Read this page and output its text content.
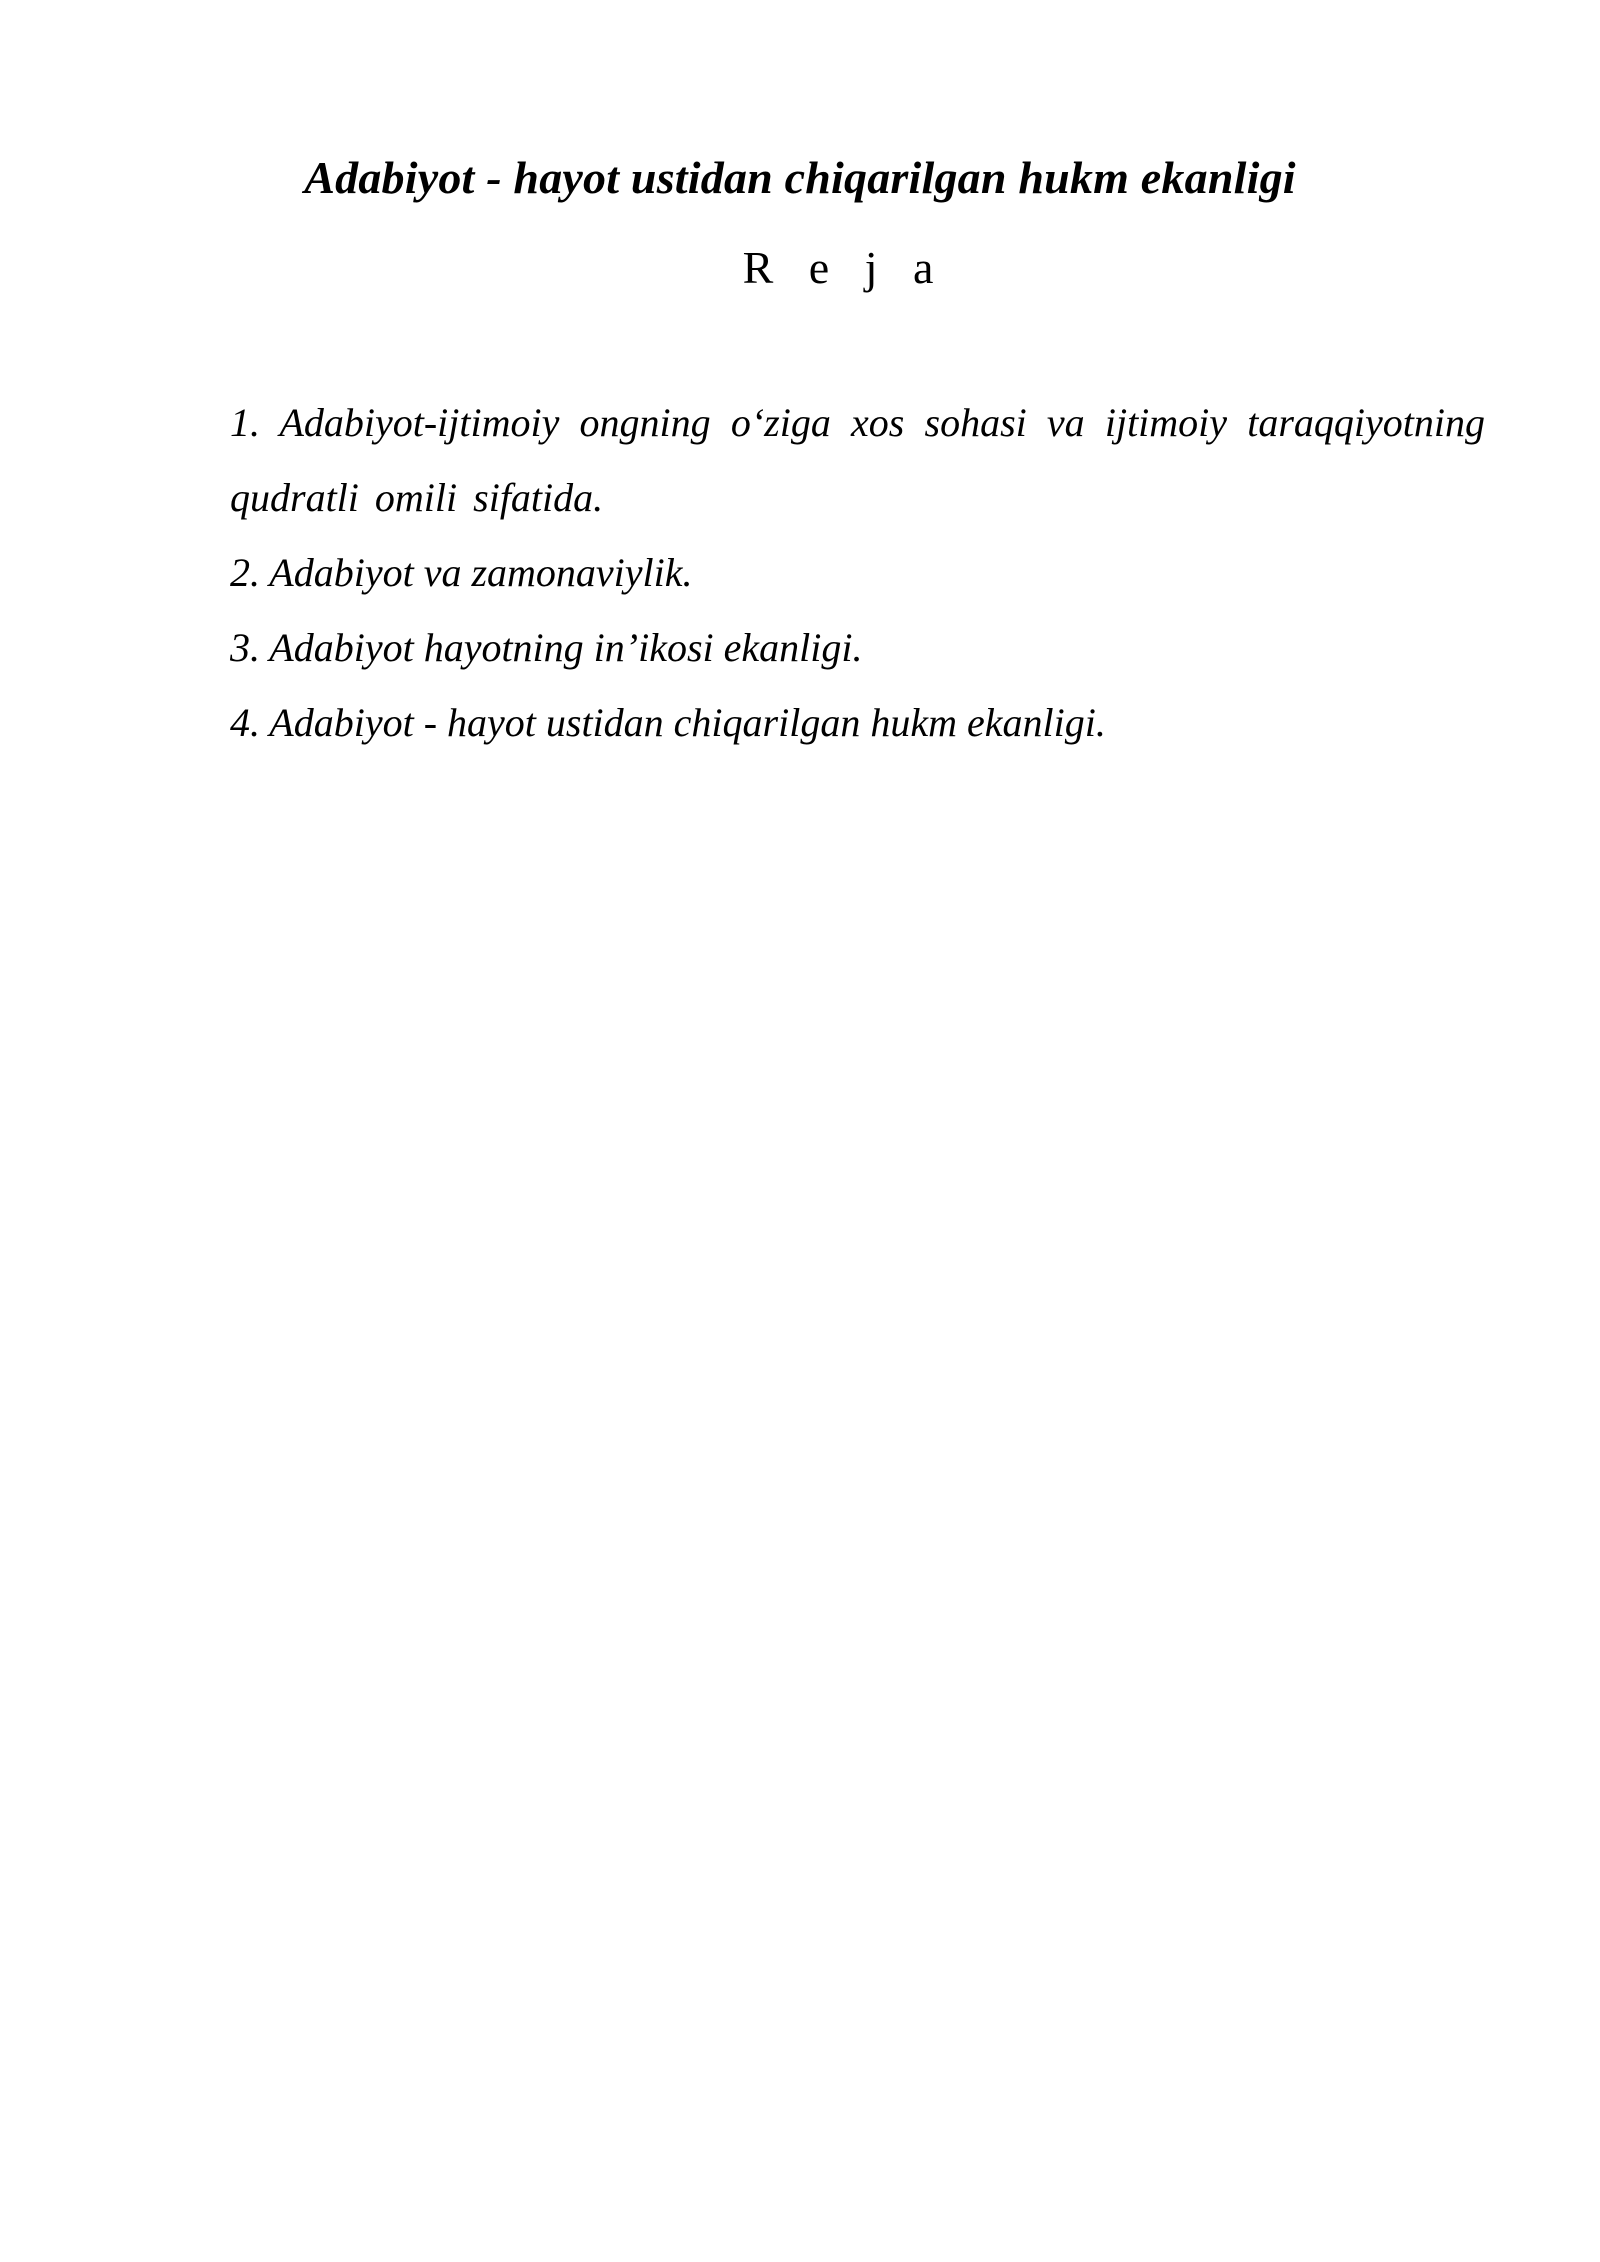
Adabiyot - hayot ustidan chiqarilgan hukm ekanligi
R e j a
1. Adabiyot-ijtimoiy ongning o‘ziga xos sohasi va ijtimoiy taraqqiyotning qudratli omili sifatida.
2. Adabiyot va zamonaviylik.
3. Adabiyot hayotning in’ikosi ekanligi.
4. Adabiyot - hayot ustidan chiqarilgan hukm ekanligi.
